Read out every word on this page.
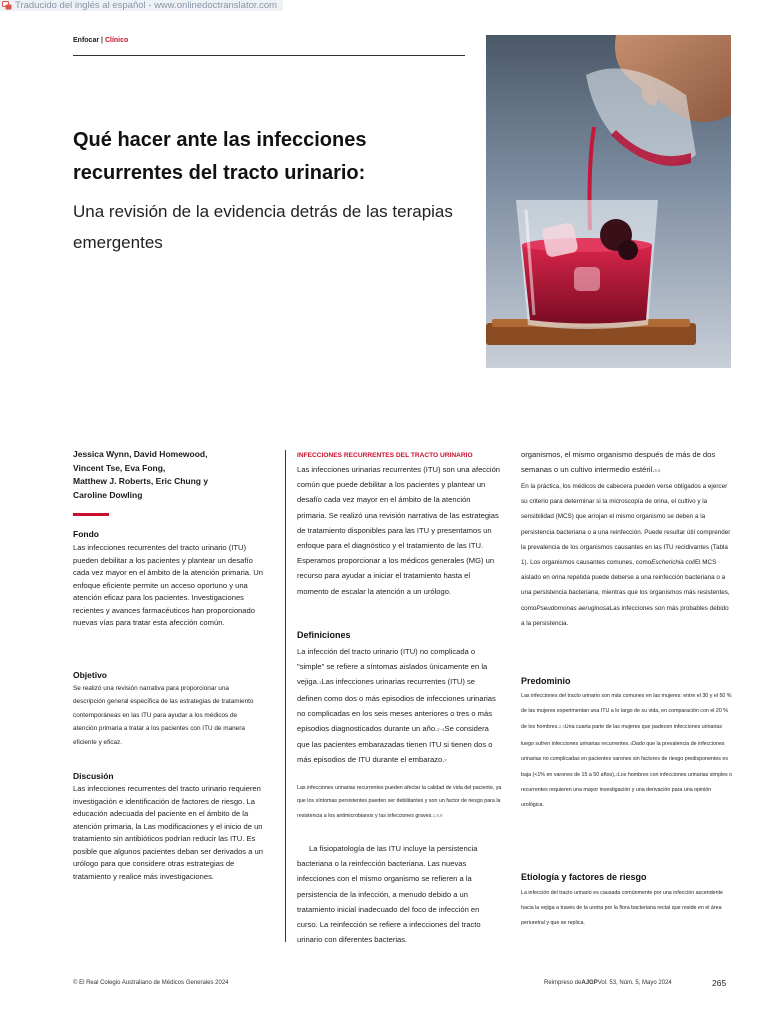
Traducido del inglés al español - www.onlinedoctranslator.com
Enfocar | Clínico
Qué hacer ante las infecciones recurrentes del tracto urinario:
Una revisión de la evidencia detrás de las terapias emergentes
Jessica Wynn, David Homewood,
Vincent Tse, Eva Fong,
Matthew J. Roberts, Eric Chung y
Caroline Dowling
Fondo
Las infecciones recurrentes del tracto urinario (ITU) pueden debilitar a los pacientes y plantear un desafío cada vez mayor en el ámbito de la atención primaria. Un enfoque eficiente permite un acceso oportuno y una atención eficaz para los pacientes. Investigaciones recientes y avances farmacéuticos han proporcionado nuevas vías para tratar esta afección común.
Objetivo
Se realizó una revisión narrativa para proporcionar una descripción general específica de las estrategias de tratamiento contemporáneas en las ITU para ayudar a los médicos de atención primaria a tratar a los pacientes con ITU de manera eficiente y eficaz.
Discusión
Las infecciones recurrentes del tracto urinario requieren investigación e identificación de factores de riesgo. La educación adecuada del paciente en el ámbito de la atención primaria, la Las modificaciones y el inicio de un tratamiento sin antibióticos podrían reducir las ITU. Es posible que algunos pacientes deban ser derivados a un urólogo para que considere otras estrategias de tratamiento y realice más investigaciones.
INFECCIONES RECURRENTES DEL TRACTO URINARIO
Las infecciones urinarias recurrentes (ITU) son una afección común que puede debilitar a los pacientes y plantear un desafío cada vez mayor en el ámbito de la atención primaria. Se realizó una revisión narrativa de las estrategias de tratamiento disponibles para las ITU y presentamos un enfoque para el diagnóstico y el tratamiento de las ITU. Esperamos proporcionar a los médicos generales (MG) un recurso para ayudar a iniciar el tratamiento hasta el momento de escalar la atención a un urólogo.
Definiciones
La infección del tracto urinario (ITU) no complicada o "simple" se refiere a síntomas aislados únicamente en la vejiga.1Las infecciones urinarias recurrentes (ITU) se definen como dos o más episodios de infecciones urinarias no complicadas en los seis meses anteriores o tres o más episodios diagnosticados durante un año.2–4Se considera que las pacientes embarazadas tienen ITU si tienen dos o más episodios de ITU durante el embarazo.7
Las infecciones urinarias recurrentes pueden afectar la calidad de vida del paciente, ya que los síntomas persistentes pueden ser debilitantes y son un factor de riesgo para la resistencia a los antimicrobianos y las infecciones graves.1,8,9
La fisiopatología de las ITU incluye la persistencia bacteriana o la reinfección bacteriana. Las nuevas infecciones con el mismo organismo se refieren a la persistencia de la infección, a menudo debido a un tratamiento inicial inadecuado del foco de infección en curso. La reinfección se refiere a infecciones del tracto urinario con diferentes bacterias.
organismos, el mismo organismo después de más de dos semanas o un cultivo intermedio estéril.5,6
En la práctica, los médicos de cabecera pueden verse obligados a ejercer su criterio para determinar si la microscopía de orina, el cultivo y la sensibilidad (MCS) que arrojan el mismo organismo se deben a la persistencia bacteriana o a una reinfección. Puede resultar útil comprender la prevalencia de los organismos causantes en las ITU recidivantes (Tabla 1). Los organismos causantes comunes, comoEscherichia coliEl MCS aislado en orina repetida puede deberse a una reinfección bacteriana o a una persistencia bacteriana, mientras que los organismos más resistentes, comoPseudomonas aeruginosaLas infecciones son más probables debido a la persistencia.
Predominio
Las infecciones del tracto urinario son más comunes en las mujeres: entre el 30 y el 50 % de las mujeres experimentan una ITU a lo largo de su vida, en comparación con el 20 % de los hombres.2,4Una cuarta parte de las mujeres que padecen infecciones urinarias luego sufren infecciones urinarias recurrentes.4Dado que la prevalencia de infecciones urinarias no complicadas en pacientes varones sin factores de riesgo predisponentes es baja (<1% en varones de 15 a 50 años),2Los hombres con infecciones urinarias simples o recurrentes requieren una mayor investigación y una derivación para una opinión urológica.
Etiología y factores de riesgo
La infección del tracto urinario es causada comúnmente por una infección ascendente hacia la vejiga a través de la uretra por la flora bacteriana rectal que reside en el área periuretral y que se replica.
© El Real Colegio Australiano de Médicos Generales 2024	Reimpreso deAJGPVol. 53, Núm. 5, Mayo 2024	265
